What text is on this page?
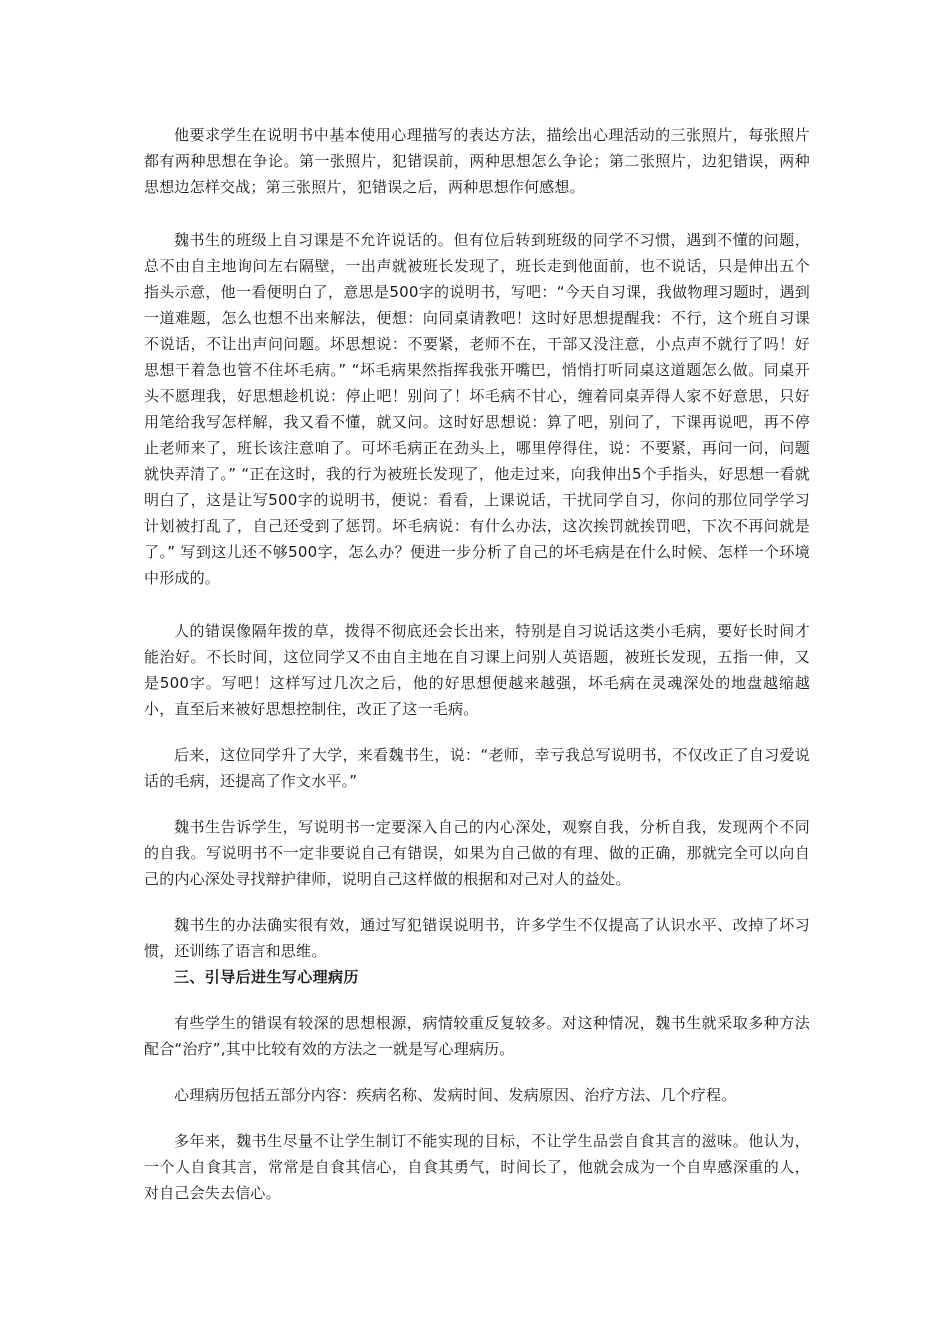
他要求学生在说明书中基本使用心理描写的表达方法，描绘出心理活动的三张照片，每张照片都有两种思想在争论。第一张照片，犯错误前，两种思想怎么争论；第二张照片，边犯错误，两种思想边怎样交战；第三张照片，犯错误之后，两种思想作何感想。

魏书生的班级上自习课是不允许说话的。但有位后转到班级的同学不习惯，遇到不懂的问题，总不由自主地询问左右隔壁，一出声就被班长发现了，班长走到他面前，也不说话，只是伸出五个指头示意，他一看便明白了，意思是500字的说明书，写吧：“今天自习课，我做物理习题时，遇到一道难题，怎么也想不出来解法，便想：向同桌请教吧！这时好思想提醒我：不行，这个班自习课不说话，不让出声问问题。坏思想说：不要紧，老师不在，干部又没注意，小点声不就行了吗！好思想干着急也管不住坏毛病。” “坏毛病果然指挥我张开嘴巴，悄悄打听同桌这道题怎么做。同桌开头不愿理我，好思想趁机说：停止吧！别问了！坏毛病不甘心，缠着同桌弄得人家不好意思，只好用笔给我写怎样解，我又看不懂，就又问。这时好思想说：算了吧，别问了，下课再说吧，再不停止老师来了，班长该注意咱了。可坏毛病正在劲头上，哪里停得住，说：不要紧，再问一问，问题就快弄清了。” “正在这时，我的行为被班长发现了，他走过来，向我伸出5个手指头，好思想一看就明白了，这是让写500字的说明书，便说：看看，上课说话，干扰同学自习，你问的那位同学学习计划被打乱了，自己还受到了惩罚。坏毛病说：有什么办法，这次挨罚就挨罚吧，下次不再问就是了。” 写到这儿还不够500字，怎么办？便进一步分析了自己的坏毛病是在什么时候、怎样一个环境中形成的。

人的错误像隔年拨的草，拨得不彻底还会长出来，特别是自习说话这类小毛病，要好长时间才能治好。不长时间，这位同学又不由自主地在自习课上问别人英语题，被班长发现，五指一伸，又是500字。写吧！这样写过几次之后，他的好思想便越来越强，坏毛病在灵魂深处的地盘越缩越小，直至后来被好思想控制住，改正了这一毛病。

后来，这位同学升了大学，来看魏书生，说：“老师，幸亏我总写说明书，不仅改正了自习爱说话的毛病，还提高了作文水平。”

魏书生告诉学生，写说明书一定要深入自己的内心深处，观察自我，分析自我，发现两个不同的自我。写说明书不一定非要说自己有错误，如果为自己做的有理、做的正确，那就完全可以向自己的内心深处寻找辩护律师，说明自己这样做的根据和对己对人的益处。

魏书生的办法确实很有效，通过写犯错误说明书，许多学生不仅提高了认识水平、改掉了坏习惯，还训练了语言和思维。

三、引导后进生写心理病历

有些学生的错误有较深的思想根源，病情较重反复较多。对这种情况，魏书生就采取多种方法配合“治疗”,其中比较有效的方法之一就是写心理病历。

心理病历包括五部分内容：疾病名称、发病时间、发病原因、治疗方法、几个疗程。

多年来，魏书生尽量不让学生制订不能实现的目标，不让学生品尝自食其言的滋味。他认为，一个人自食其言，常常是自食其信心，自食其勇气，时间长了，他就会成为一个自卑感深重的人，对自己会失去信心。
